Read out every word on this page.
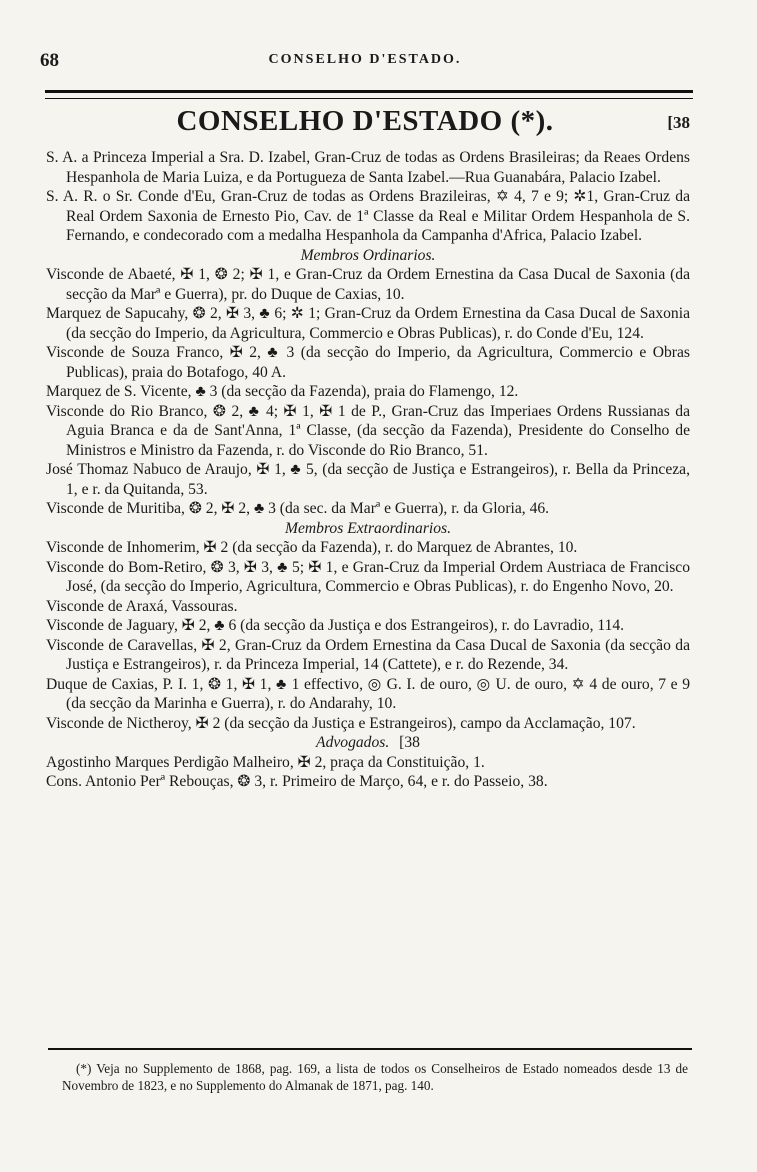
68	CONSELHO D'ESTADO.
CONSELHO D'ESTADO (*).	[38

S. A. a Princeza Imperial a Sra. D. Izabel, Gran-Cruz de todas as Ordens Brasileiras; da Reaes Ordens Hespanhola de Maria Luiza, e da Portugueza de Santa Izabel.—Rua Guanabára, Palacio Izabel.

S. A. R. o Sr. Conde d'Eu, Gran-Cruz de todas as Ordens Brazileiras, ✡ 4, 7 e 9; ✲1, Gran-Cruz da Real Ordem Saxonia de Ernesto Pio, Cav. de 1ª Classe da Real e Militar Ordem Hespanhola de S. Fernando, e condecorado com a medalha Hespanhola da Campanha d'Africa, Palacio Izabel.

Membros Ordinarios.

Visconde de Abaeté, ✠ 1, ❂ 2; ✠ 1, e Gran-Cruz da Ordem Ernestina da Casa Ducal de Saxonia (da secção da Marª e Guerra), pr. do Duque de Caxias, 10.

Marquez de Sapucahy, ❂ 2, ✠ 3, ♣ 6; ✲ 1; Gran-Cruz da Ordem Ernestina da Casa Ducal de Saxonia (da secção do Imperio, da Agricultura, Commercio e Obras Publicas), r. do Conde d'Eu, 124.

Visconde de Souza Franco, ✠ 2, ♣ 3 (da secção do Imperio, da Agricultura, Commercio e Obras Publicas), praia do Botafogo, 40 A.

Marquez de S. Vicente, ♣ 3 (da secção da Fazenda), praia do Flamengo, 12.

Visconde do Rio Branco, ❂ 2, ♣ 4; ✠ 1, ✠ 1 de P., Gran-Cruz das Imperiaes Ordens Russianas da Aguia Branca e da de Sant'Anna, 1ª Classe, (da secção da Fazenda), Presidente do Conselho de Ministros e Ministro da Fazenda, r. do Visconde do Rio Branco, 51.

José Thomaz Nabuco de Araujo, ✠ 1, ♣ 5, (da secção de Justiça e Estrangeiros), r. Bella da Princeza, 1, e r. da Quitanda, 53.

Visconde de Muritiba, ❂ 2, ✠ 2, ♣ 3 (da sec. da Marª e Guerra), r. da Gloria, 46.

Membros Extraordinarios.

Visconde de Inhomerim, ✠ 2 (da secção da Fazenda), r. do Marquez de Abrantes, 10.

Visconde do Bom-Retiro, ❂ 3, ✠ 3, ♣ 5; ✠ 1, e Gran-Cruz da Imperial Ordem Austriaca de Francisco José, (da secção do Imperio, Agricultura, Commercio e Obras Publicas), r. do Engenho Novo, 20.

Visconde de Araxá, Vassouras.

Visconde de Jaguary, ✠ 2, ♣ 6 (da secção da Justiça e dos Estrangeiros), r. do Lavradio, 114.

Visconde de Caravellas, ✠ 2, Gran-Cruz da Ordem Ernestina da Casa Ducal de Saxonia (da secção da Justiça e Estrangeiros), r. da Princeza Imperial, 14 (Cattete), e r. do Rezende, 34.

Duque de Caxias, P. I. 1, ❂ 1, ✠ 1, ♣ 1 effectivo, ◎ G. I. de ouro, ◎ U. de ouro, ✡ 4 de ouro, 7 e 9 (da secção da Marinha e Guerra), r. do Andarahy, 10.

Visconde de Nictheroy, ✠ 2 (da secção da Justiça e Estrangeiros), campo da Acclamação, 107.

Advogados. [38

Agostinho Marques Perdigão Malheiro, ✠ 2, praça da Constituição, 1.

Cons. Antonio Perª Rebouças, ❂ 3, r. Primeiro de Março, 64, e r. do Passeio, 38.

(*) Veja no Supplemento de 1868, pag. 169, a lista de todos os Conselheiros de Estado nomeados desde 13 de Novembro de 1823, e no Supplemento do Almanak de 1871, pag. 140.
